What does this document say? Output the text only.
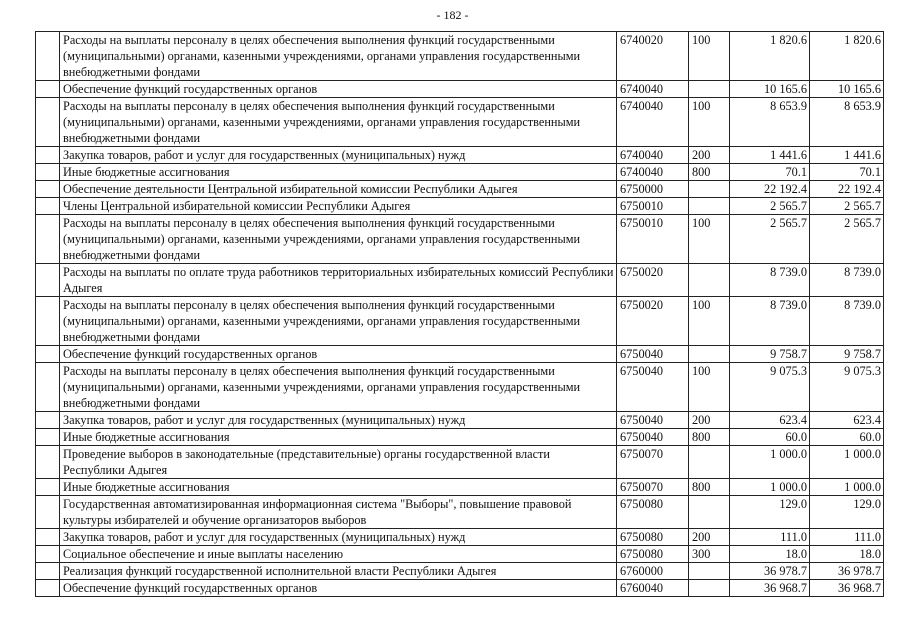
- 182 -
	Расходы на выплаты персоналу в целях обеспечения выполнения функций государственными (муниципальными) органами, казенными учреждениями, органами управления государственными внебюджетными фондами	6740020	100	1 820.6	1 820.6
	Обеспечение функций государственных органов	6740040		10 165.6	10 165.6
	Расходы на выплаты персоналу в целях обеспечения выполнения функций государственными (муниципальными) органами, казенными учреждениями, органами управления государственными внебюджетными фондами	6740040	100	8 653.9	8 653.9
	Закупка товаров, работ и услуг для государственных (муниципальных) нужд	6740040	200	1 441.6	1 441.6
	Иные бюджетные ассигнования	6740040	800	70.1	70.1
	Обеспечение деятельности Центральной избирательной комиссии Республики Адыгея	6750000		22 192.4	22 192.4
	Члены Центральной избирательной комиссии Республики Адыгея	6750010		2 565.7	2 565.7
	Расходы на выплаты персоналу в целях обеспечения выполнения функций государственными (муниципальными) органами, казенными учреждениями, органами управления государственными внебюджетными фондами	6750010	100	2 565.7	2 565.7
	Расходы на выплаты по оплате труда работников территориальных избирательных комиссий Республики Адыгея	6750020		8 739.0	8 739.0
	Расходы на выплаты персоналу в целях обеспечения выполнения функций государственными (муниципальными) органами, казенными учреждениями, органами управления государственными внебюджетными фондами	6750020	100	8 739.0	8 739.0
	Обеспечение функций государственных органов	6750040		9 758.7	9 758.7
	Расходы на выплаты персоналу в целях обеспечения выполнения функций государственными (муниципальными) органами, казенными учреждениями, органами управления государственными внебюджетными фондами	6750040	100	9 075.3	9 075.3
	Закупка товаров, работ и услуг для государственных (муниципальных) нужд	6750040	200	623.4	623.4
	Иные бюджетные ассигнования	6750040	800	60.0	60.0
	Проведение выборов в законодательные (представительные) органы государственной власти Республики Адыгея	6750070		1 000.0	1 000.0
	Иные бюджетные ассигнования	6750070	800	1 000.0	1 000.0
	Государственная автоматизированная информационная система "Выборы", повышение правовой культуры избирателей и обучение организаторов выборов	6750080		129.0	129.0
	Закупка товаров, работ и услуг для государственных (муниципальных) нужд	6750080	200	111.0	111.0
	Социальное обеспечение и иные выплаты населению	6750080	300	18.0	18.0
	Реализация функций государственной исполнительной власти Республики Адыгея	6760000		36 978.7	36 978.7
	Обеспечение функций государственных органов	6760040		36 968.7	36 968.7
